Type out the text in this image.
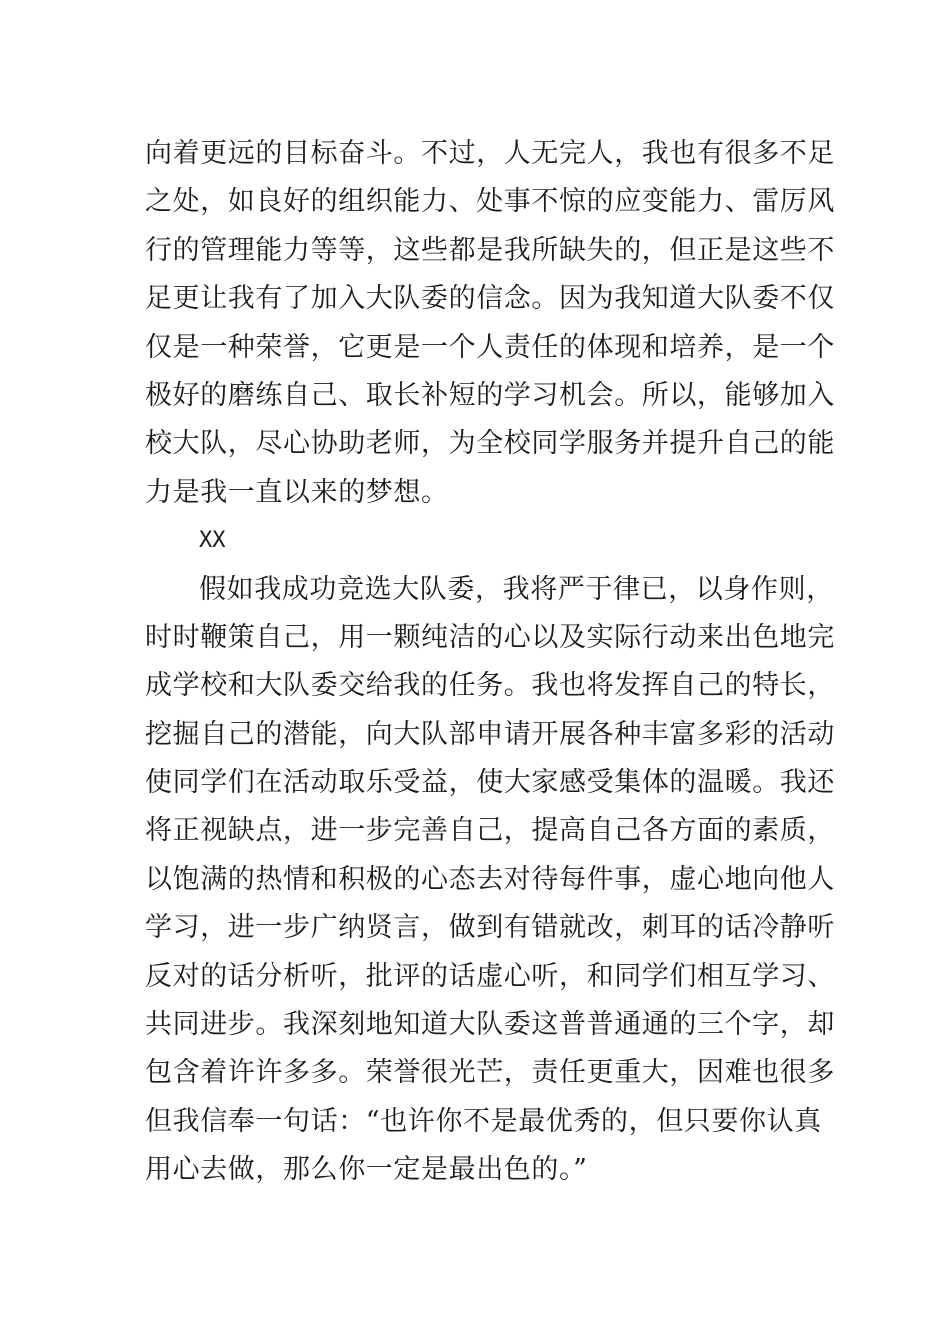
向着更远的目标奋斗。不过，人无完人，我也有很多不足
之处，如良好的组织能力、处事不惊的应变能力、雷厉风
行的管理能力等等，这些都是我所缺失的，但正是这些不
足更让我有了加入大队委的信念。因为我知道大队委不仅
仅是一种荣誉，它更是一个人责任的体现和培养，是一个
极好的磨练自己、取长补短的学习机会。所以，能够加入
校大队，尽心协助老师，为全校同学服务并提升自己的能
力是我一直以来的梦想。
XX
假如我成功竞选大队委，我将严于律已，以身作则，
时时鞭策自己，用一颗纯洁的心以及实际行动来出色地完
成学校和大队委交给我的任务。我也将发挥自己的特长，
挖掘自己的潜能，向大队部申请开展各种丰富多彩的活动
使同学们在活动取乐受益，使大家感受集体的温暖。我还
将正视缺点，进一步完善自己，提高自己各方面的素质，
以饱满的热情和积极的心态去对待每件事，虚心地向他人
学习，进一步广纳贤言，做到有错就改，刺耳的话冷静听
反对的话分析听，批评的话虚心听，和同学们相互学习、
共同进步。我深刻地知道大队委这普普通通的三个字，却
包含着许许多多。荣誉很光芒，责任更重大，因难也很多
但我信奉一句话：“也许你不是最优秀的，但只要你认真
用心去做，那么你一定是最出色的。”
